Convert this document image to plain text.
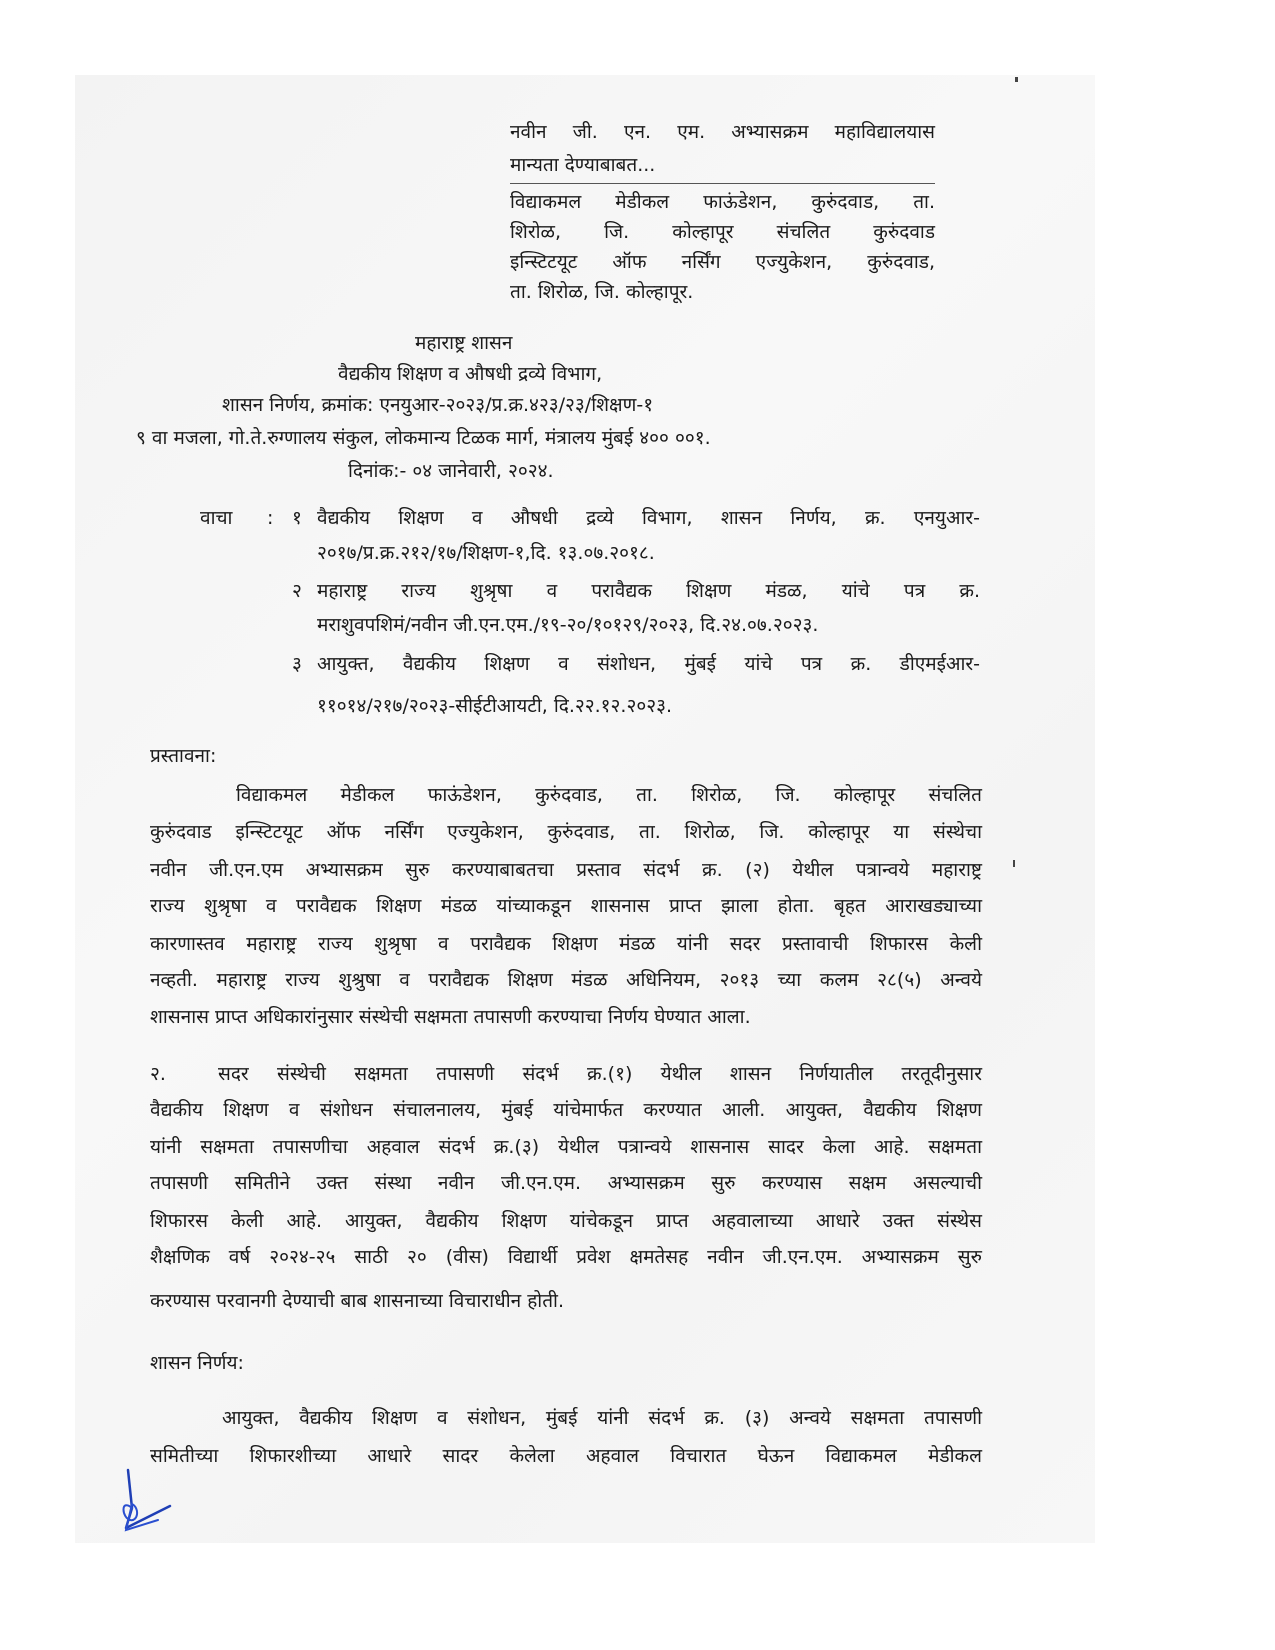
नवीन जी. एन. एम. अभ्यासक्रम महाविद्यालयास
मान्यता देण्याबाबत...
विद्याकमल मेडीकल फाऊंडेशन, कुरुंदवाड, ता.
शिरोळ, जि. कोल्हापूर संचलित कुरुंदवाड
इन्स्टिटयूट ऑफ नर्सिंग एज्युकेशन, कुरुंदवाड,
ता. शिरोळ, जि. कोल्हापूर.
महाराष्ट्र शासन
वैद्यकीय शिक्षण व औषधी द्रव्ये विभाग,
शासन निर्णय, क्रमांक: एनयुआर-२०२३/प्र.क्र.४२३/२३/शिक्षण-१
९ वा मजला, गो.ते.रुग्णालय संकुल, लोकमान्य टिळक मार्ग, मंत्रालय मुंबई ४०० ००१.
दिनांक:- ०४ जानेवारी, २०२४.
वाचा : १ वैद्यकीय शिक्षण व औषधी द्रव्ये विभाग, शासन निर्णय, क्र. एनयुआर-
२०१७/प्र.क्र.२१२/१७/शिक्षण-१,दि. १३.०७.२०१८.
२ महाराष्ट्र राज्य शुश्रृषा व परावैद्यक शिक्षण मंडळ, यांचे पत्र क्र.
मराशुवपशिमं/नवीन जी.एन.एम./१९-२०/१०१२९/२०२३, दि.२४.०७.२०२३.
३ आयुक्त, वैद्यकीय शिक्षण व संशोधन, मुंबई यांचे पत्र क्र. डीएमईआर-
११०१४/२१७/२०२३-सीईटीआयटी, दि.२२.१२.२०२३.
प्रस्तावना:
विद्याकमल मेडीकल फाऊंडेशन, कुरुंदवाड, ता. शिरोळ, जि. कोल्हापूर संचलित
कुरुंदवाड इन्स्टिटयूट ऑफ नर्सिंग एज्युकेशन, कुरुंदवाड, ता. शिरोळ, जि. कोल्हापूर या संस्थेचा
नवीन जी.एन.एम अभ्यासक्रम सुरु करण्याबाबतचा प्रस्ताव संदर्भ क्र. (२) येथील पत्रान्वये महाराष्ट्र
राज्य शुश्रृषा व परावैद्यक शिक्षण मंडळ यांच्याकडून शासनास प्राप्त झाला होता. बृहत आराखड्याच्या
कारणास्तव महाराष्ट्र राज्य शुश्रृषा व परावैद्यक शिक्षण मंडळ यांनी सदर प्रस्तावाची शिफारस केली
नव्हती. महाराष्ट्र राज्य शुश्रुषा व परावैद्यक शिक्षण मंडळ अधिनियम, २०१३ च्या कलम २८(५) अन्वये
शासनास प्राप्त अधिकारांनुसार संस्थेची सक्षमता तपासणी करण्याचा निर्णय घेण्यात आला.
२.	सदर संस्थेची सक्षमता तपासणी संदर्भ क्र.(१) येथील शासन निर्णयातील तरतूदीनुसार
वैद्यकीय शिक्षण व संशोधन संचालनालय, मुंबई यांचेमार्फत करण्यात आली. आयुक्त, वैद्यकीय शिक्षण
यांनी सक्षमता तपासणीचा अहवाल संदर्भ क्र.(३) येथील पत्रान्वये शासनास सादर केला आहे. सक्षमता
तपासणी समितीने उक्त संस्था नवीन जी.एन.एम. अभ्यासक्रम सुरु करण्यास सक्षम असल्याची
शिफारस केली आहे. आयुक्त, वैद्यकीय शिक्षण यांचेकडून प्राप्त अहवालाच्या आधारे उक्त संस्थेस
शैक्षणिक वर्ष २०२४-२५ साठी २० (वीस) विद्यार्थी प्रवेश क्षमतेसह नवीन जी.एन.एम. अभ्यासक्रम सुरु
करण्यास परवानगी देण्याची बाब शासनाच्या विचाराधीन होती.
शासन निर्णय:
आयुक्त, वैद्यकीय शिक्षण व संशोधन, मुंबई यांनी संदर्भ क्र. (३) अन्वये सक्षमता तपासणी
समितीच्या शिफारशीच्या आधारे सादर केलेला अहवाल विचारात घेऊन विद्याकमल मेडीकल
